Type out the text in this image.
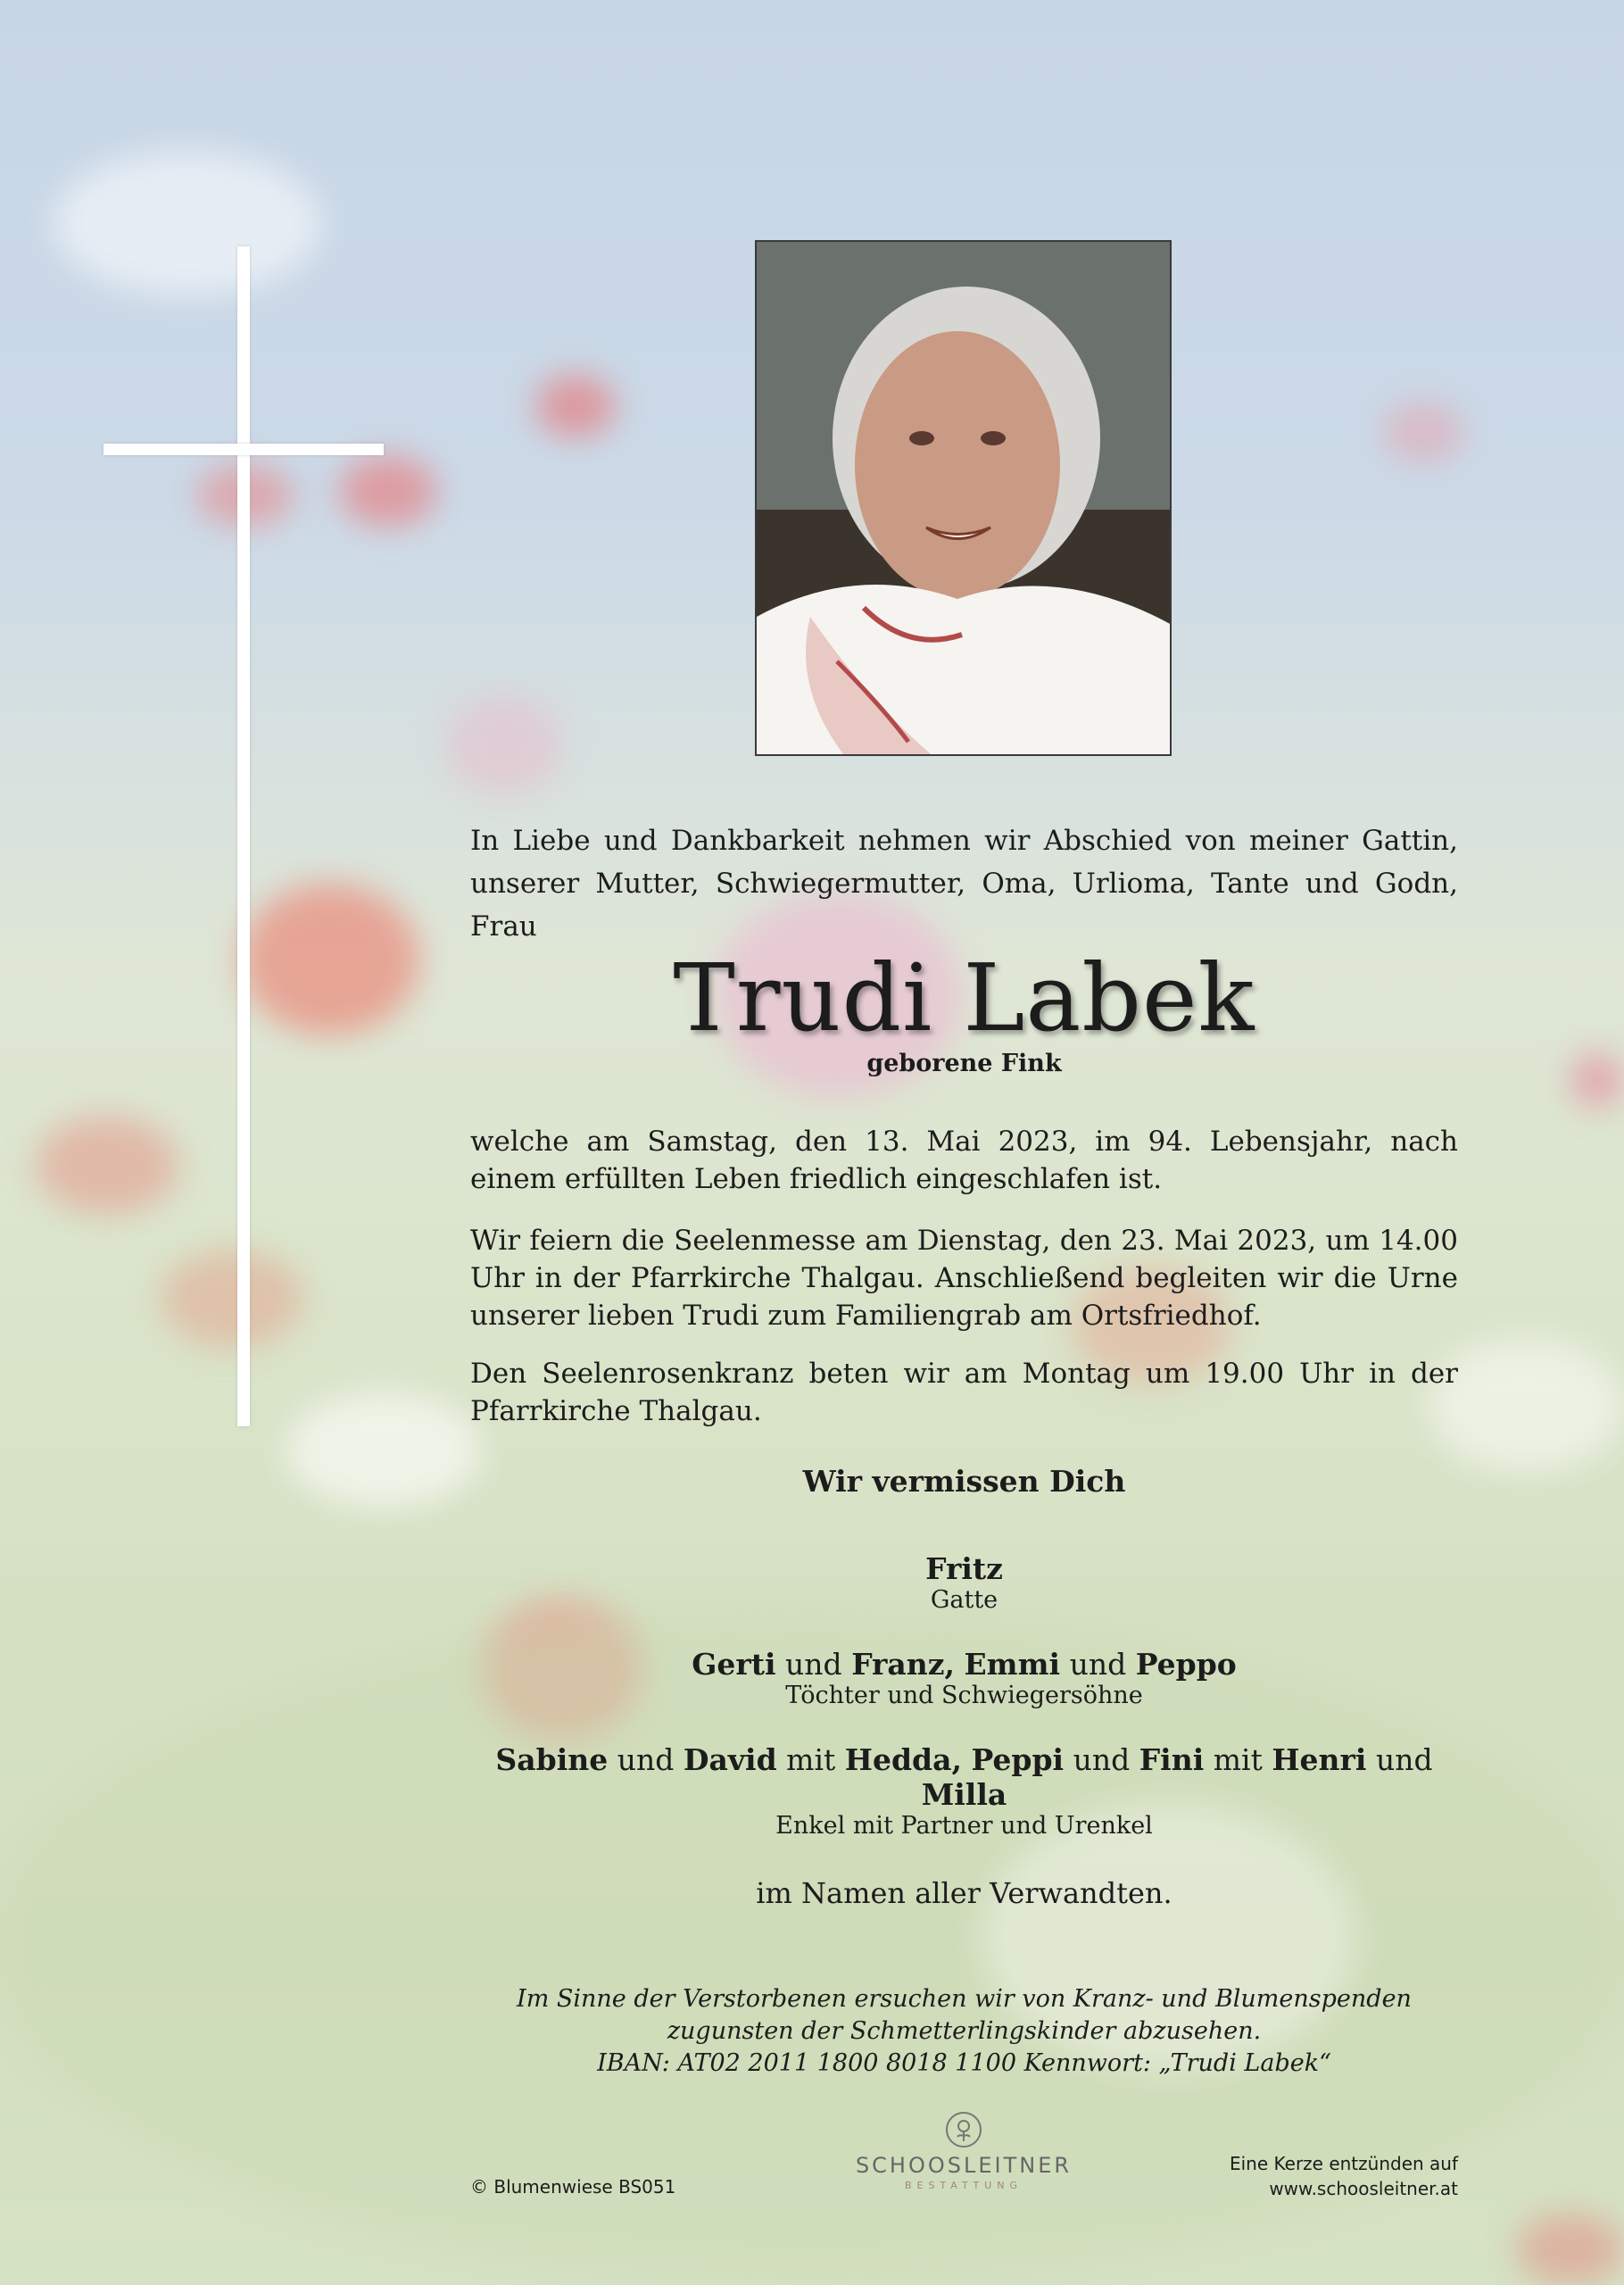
In Liebe und Dankbarkeit nehmen wir Abschied von meiner Gattin, unserer Mutter, Schwiegermutter, Oma, Urlioma, Tante und Godn, Frau
Trudi Labek
geborene Fink
welche am Samstag, den 13. Mai 2023, im 94. Lebensjahr, nach einem erfüllten Leben friedlich eingeschlafen ist.
Wir feiern die Seelenmesse am Dienstag, den 23. Mai 2023, um 14.00 Uhr in der Pfarrkirche Thalgau. Anschließend begleiten wir die Urne unserer lieben Trudi zum Familiengrab am Ortsfriedhof.
Den Seelenrosenkranz beten wir am Montag um 19.00 Uhr in der Pfarrkirche Thalgau.
Wir vermissen Dich
Fritz
Gatte
Gerti und Franz, Emmi und Peppo
Töchter und Schwiegersöhne
Sabine und David mit Hedda, Peppi und Fini mit Henri und Milla
Enkel mit Partner und Urenkel
im Namen aller Verwandten.
Im Sinne der Verstorbenen ersuchen wir von Kranz- und Blumenspenden
zugunsten der Schmetterlingskinder abzusehen.
IBAN: AT02 2011 1800 8018 1100 Kennwort: „Trudi Labek“
© Blumenwiese BS051
SCHOOSLEITNER
BESTATTUNG
Eine Kerze entzünden auf
www.schoosleitner.at
